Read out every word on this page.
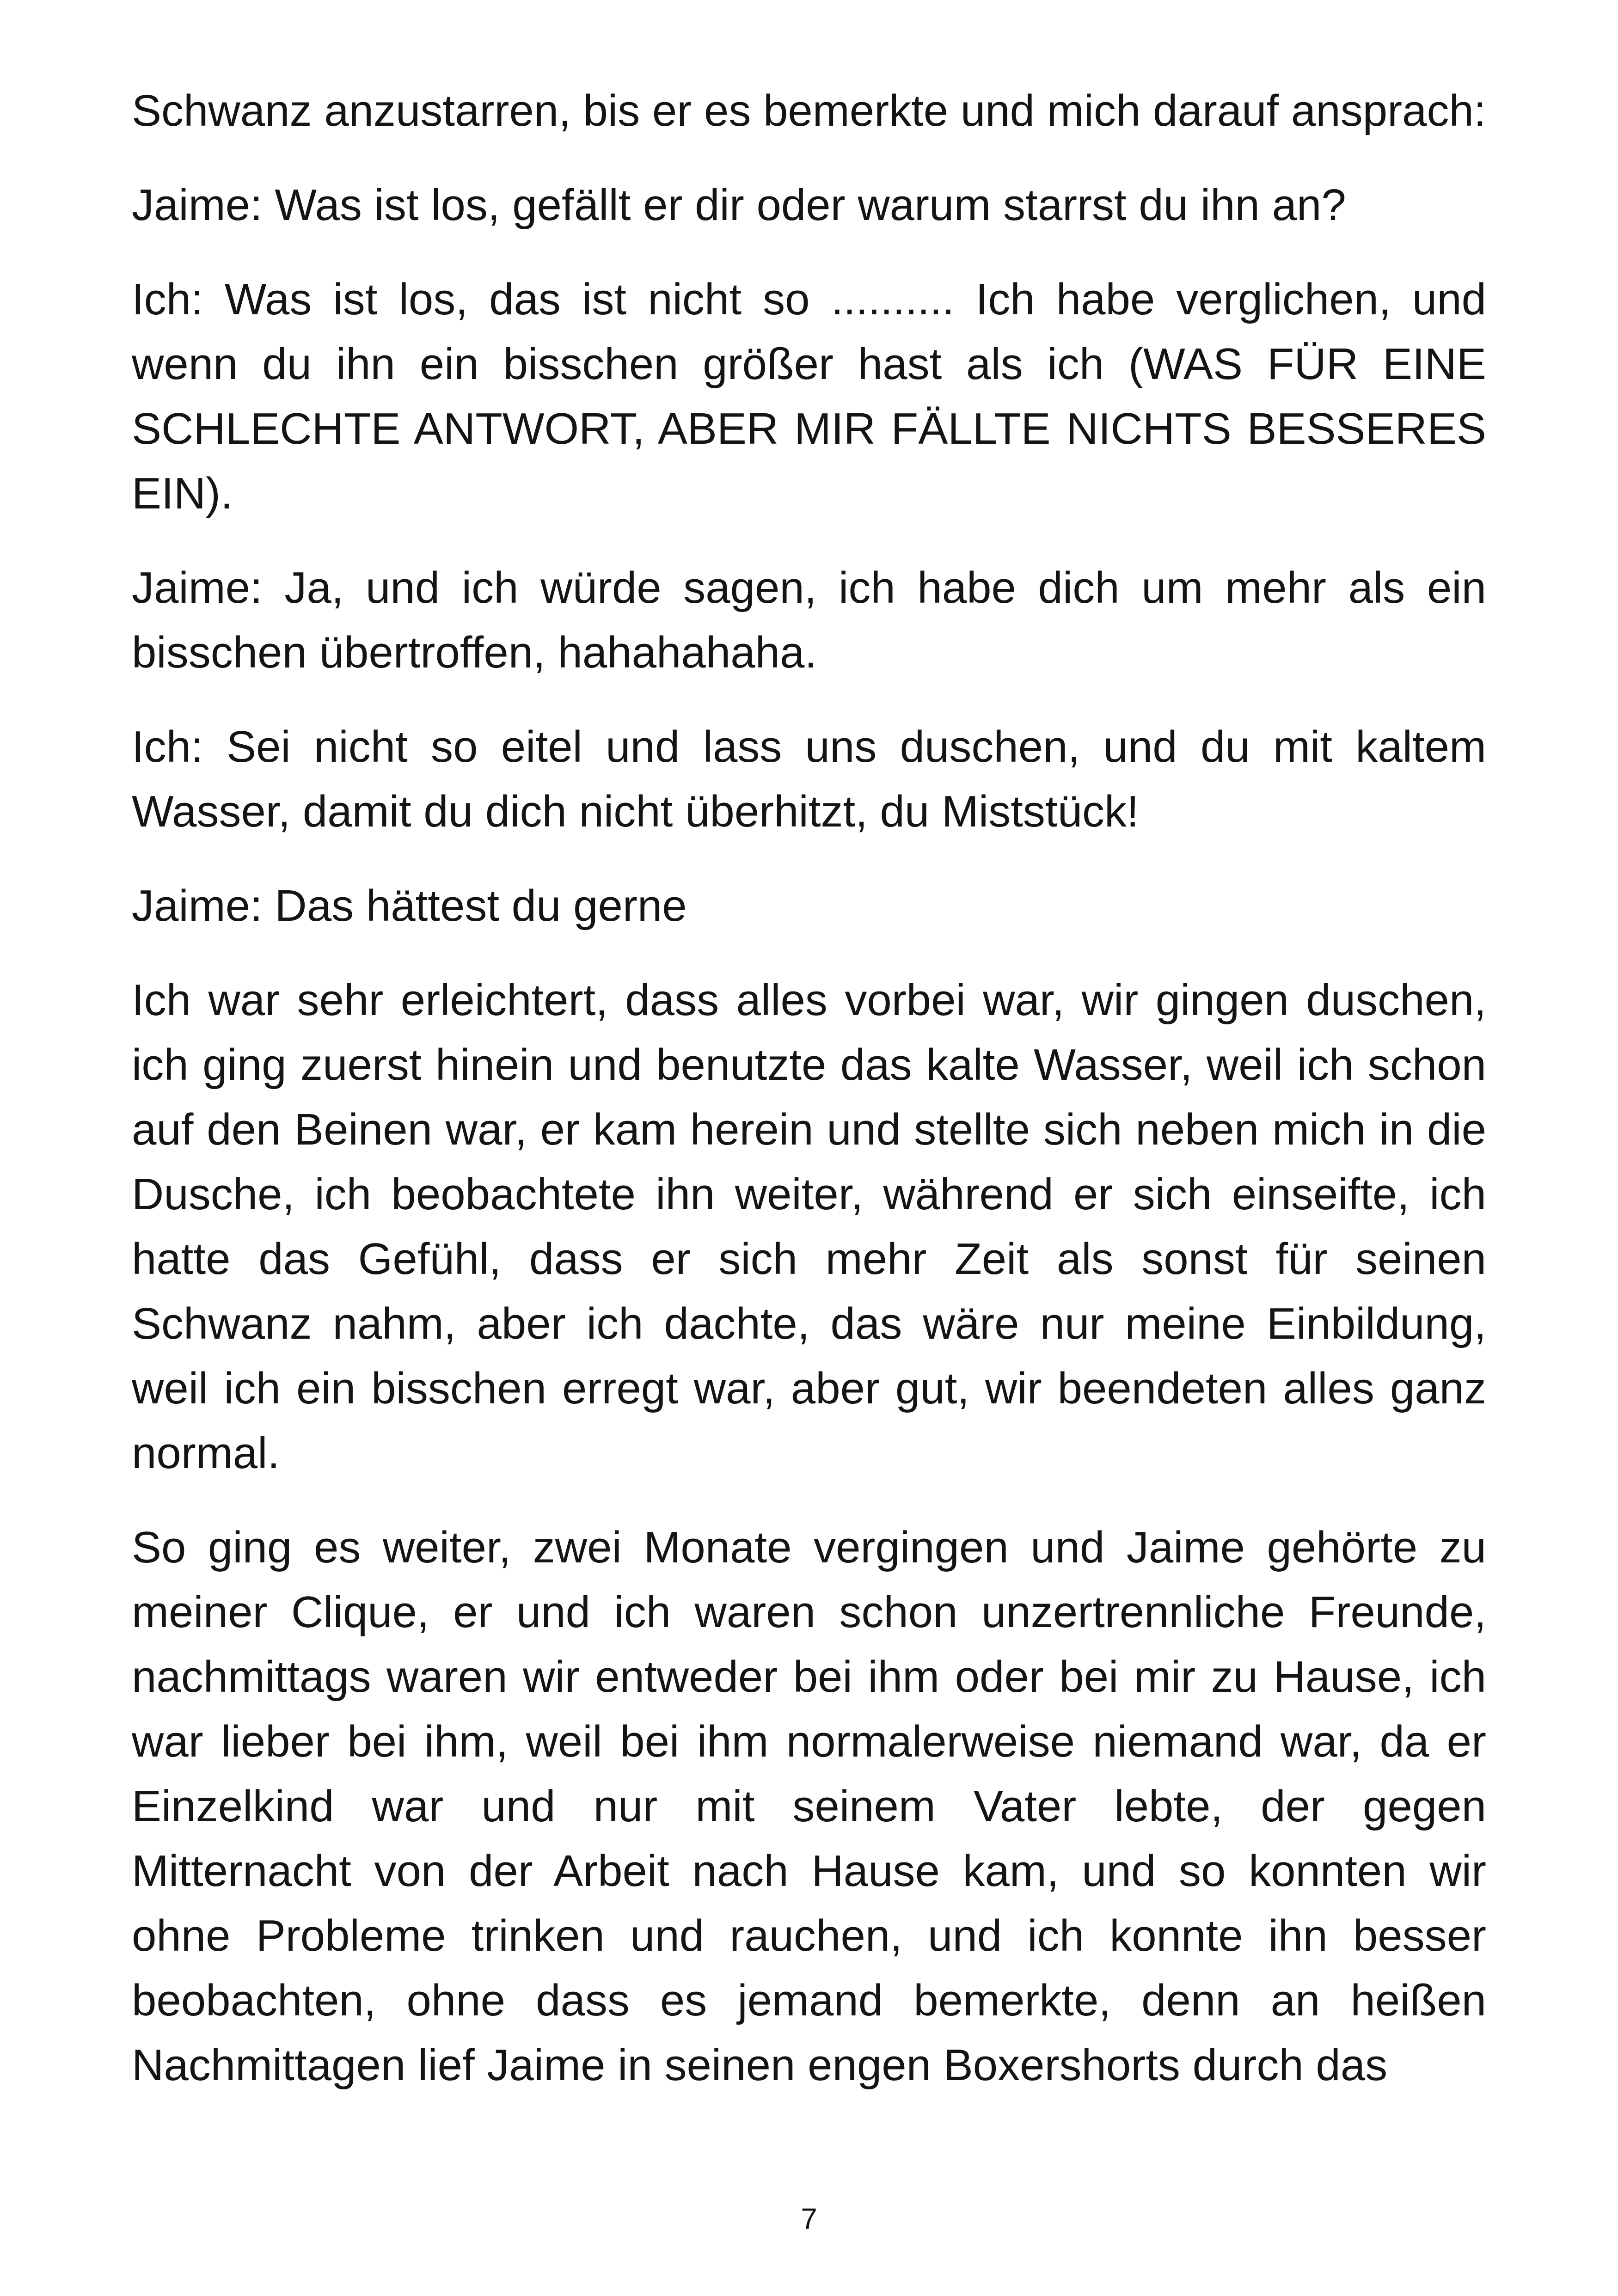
Schwanz anzustarren, bis er es bemerkte und mich darauf ansprach:

Jaime: Was ist los, gefällt er dir oder warum starrst du ihn an?

Ich: Was ist los, das ist nicht so .......... Ich habe verglichen, und wenn du ihn ein bisschen größer hast als ich (WAS FÜR EINE SCHLECHTE ANTWORT, ABER MIR FÄLLTE NICHTS BESSERES EIN).

Jaime: Ja, und ich würde sagen, ich habe dich um mehr als ein bisschen übertroffen, hahahahaha.

Ich: Sei nicht so eitel und lass uns duschen, und du mit kaltem Wasser, damit du dich nicht überhitzt, du Miststück!

Jaime: Das hättest du gerne

Ich war sehr erleichtert, dass alles vorbei war, wir gingen duschen, ich ging zuerst hinein und benutzte das kalte Wasser, weil ich schon auf den Beinen war, er kam herein und stellte sich neben mich in die Dusche, ich beobachtete ihn weiter, während er sich einseifte, ich hatte das Gefühl, dass er sich mehr Zeit als sonst für seinen Schwanz nahm, aber ich dachte, das wäre nur meine Einbildung, weil ich ein bisschen erregt war, aber gut, wir beendeten alles ganz normal.

So ging es weiter, zwei Monate vergingen und Jaime gehörte zu meiner Clique, er und ich waren schon unzertrennliche Freunde, nachmittags waren wir entweder bei ihm oder bei mir zu Hause, ich war lieber bei ihm, weil bei ihm normalerweise niemand war, da er Einzelkind war und nur mit seinem Vater lebte, der gegen Mitternacht von der Arbeit nach Hause kam, und so konnten wir ohne Probleme trinken und rauchen, und ich konnte ihn besser beobachten, ohne dass es jemand bemerkte, denn an heißen Nachmittagen lief Jaime in seinen engen Boxershorts durch das

7
